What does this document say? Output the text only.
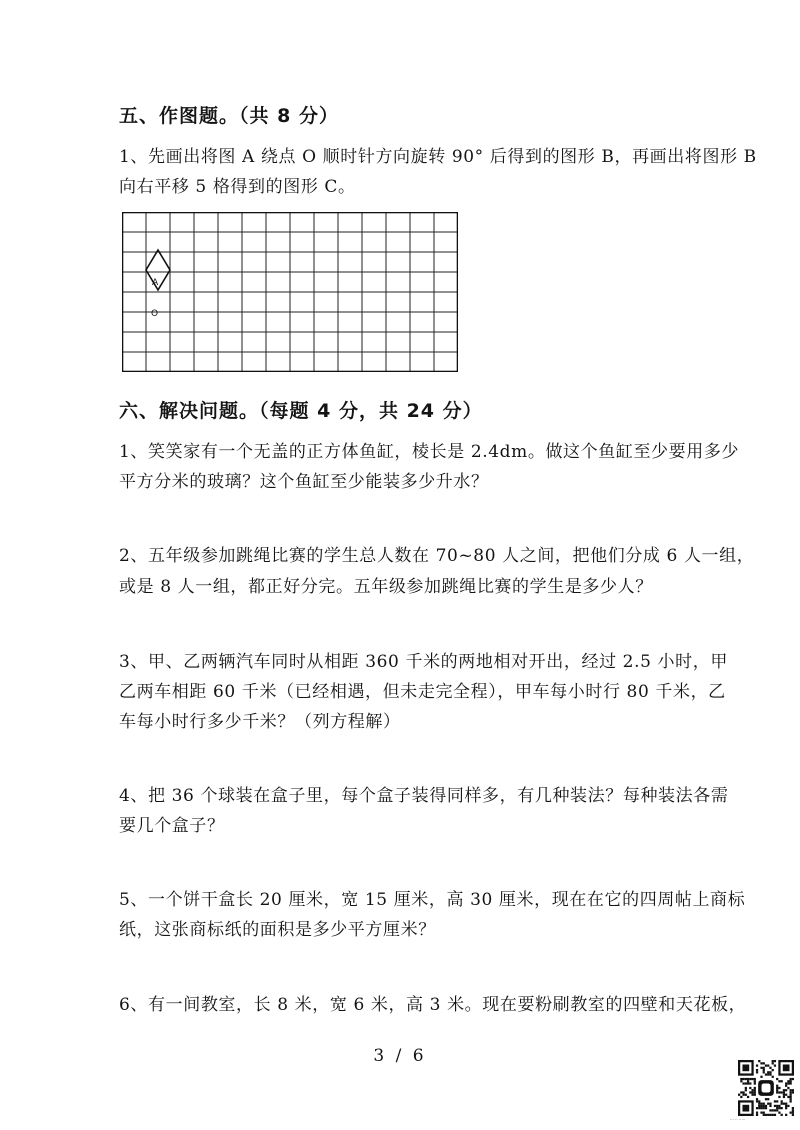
五、作图题。（共 8 分）
1、先画出将图 A 绕点 O 顺时针方向旋转 90° 后得到的图形 B，再画出将图形 B
向右平移 5 格得到的图形 C。
A
O
六、解决问题。（每题 4 分，共 24 分）
1、笑笑家有一个无盖的正方体鱼缸，棱长是 2.4dm。做这个鱼缸至少要用多少
平方分米的玻璃？这个鱼缸至少能装多少升水？
2、五年级参加跳绳比赛的学生总人数在 70~80 人之间，把他们分成 6 人一组，
或是 8 人一组，都正好分完。五年级参加跳绳比赛的学生是多少人？
3、甲、乙两辆汽车同时从相距 360 千米的两地相对开出，经过 2.5 小时，甲
乙两车相距 60 千米（已经相遇，但未走完全程），甲车每小时行 80 千米，乙
车每小时行多少千米？（列方程解）
4、把 36 个球装在盒子里，每个盒子装得同样多，有几种装法？每种装法各需
要几个盒子？
5、一个饼干盒长 20 厘米，宽 15 厘米，高 30 厘米，现在在它的四周帖上商标
纸，这张商标纸的面积是多少平方厘米？
6、有一间教室，长 8 米，宽 6 米，高 3 米。现在要粉刷教室的四壁和天花板，
3 / 6
··· ·· ·····
